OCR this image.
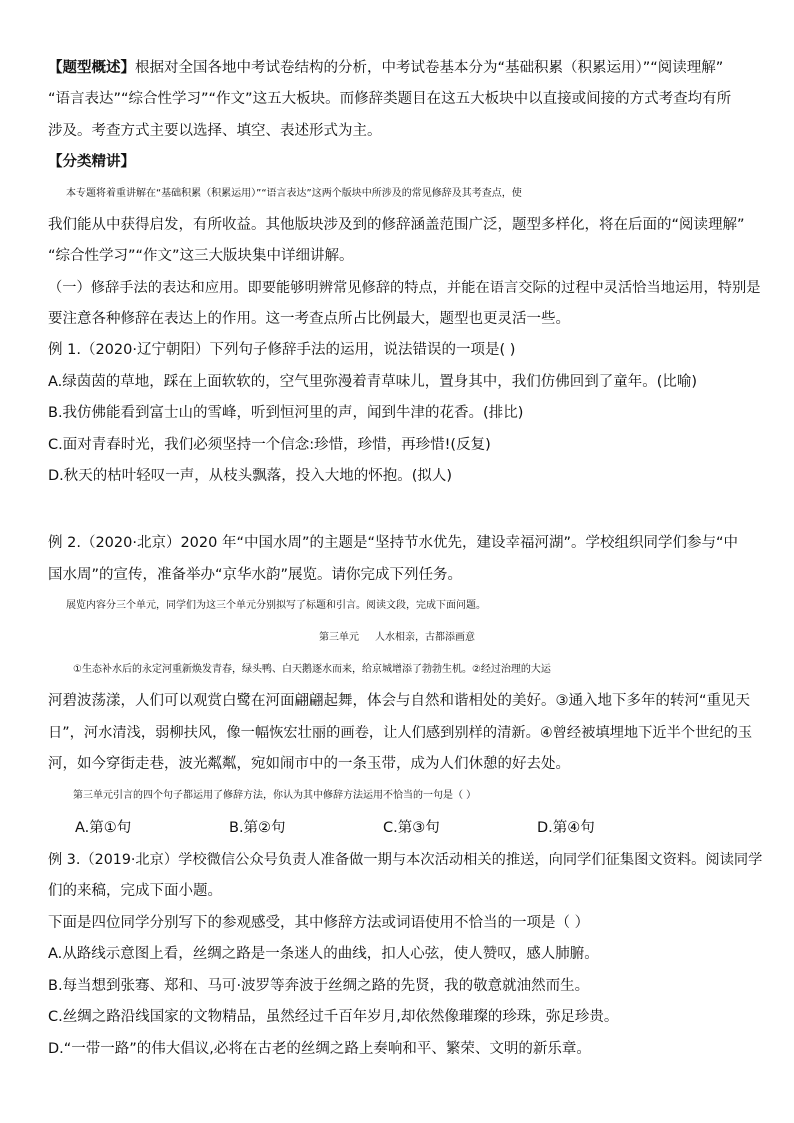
【题型概述】根据对全国各地中考试卷结构的分析，中考试卷基本分为“基础积累（积累运用）”“阅读理解”
“语言表达”“综合性学习”“作文”这五大板块。而修辞类题目在这五大板块中以直接或间接的方式考查均有所
涉及。考查方式主要以选择、填空、表述形式为主。
【分类精讲】
本专题将着重讲解在“基础积累（积累运用）”“语言表达”这两个版块中所涉及的常见修辞及其考查点，使
我们能从中获得启发，有所收益。其他版块涉及到的修辞涵盖范围广泛，题型多样化，将在后面的“阅读理解”
“综合性学习”“作文”这三大版块集中详细讲解。
（一）修辞手法的表达和应用。即要能够明辨常见修辞的特点，并能在语言交际的过程中灵活恰当地运用，特别是
要注意各种修辞在表达上的作用。这一考查点所占比例最大，题型也更灵活一些。
例 1.（2020·辽宁朝阳）下列句子修辞手法的运用，说法错误的一项是( )
A.绿茵茵的草地，踩在上面软软的，空气里弥漫着青草味儿，置身其中，我们仿佛回到了童年。(比喻)
B.我仿佛能看到富士山的雪峰，听到恒河里的声，闻到牛津的花香。(排比)
C.面对青春时光，我们必须坚持一个信念:珍惜，珍惜，再珍惜!(反复)
D.秋天的枯叶轻叹一声，从枝头飘落，投入大地的怀抱。(拟人)
例 2.（2020·北京）2020 年“中国水周”的主题是“坚持节水优先，建设幸福河湖”。学校组织同学们参与“中
国水周”的宣传，准备举办“京华水韵”展览。请你完成下列任务。
展览内容分三个单元，同学们为这三个单元分别拟写了标题和引言。阅读文段，完成下面问题。
第三单元     人水相亲，古都添画意
①生态补水后的永定河重新焕发青春，绿头鸭、白天鹅逐水而来，给京城增添了勃勃生机。②经过治理的大运
河碧波荡漾，人们可以观赏白鹭在河面翩翩起舞，体会与自然和谐相处的美好。③通入地下多年的转河“重见天
日”，河水清浅，弱柳扶风，像一幅恢宏壮丽的画卷，让人们感到别样的清新。④曾经被填埋地下近半个世纪的玉
河，如今穿街走巷，波光粼粼，宛如闹市中的一条玉带，成为人们休憩的好去处。
第三单元引言的四个句子都运用了修辞方法，你认为其中修辞方法运用不恰当的一句是（ ）
A.第①句	B.第②句	C.第③句	D.第④句
例 3.（2019·北京）学校微信公众号负责人准备做一期与本次活动相关的推送，向同学们征集图文资料。阅读同学
们的来稿，完成下面小题。
下面是四位同学分别写下的参观感受，其中修辞方法或词语使用不恰当的一项是（ ）
A.从路线示意图上看，丝绸之路是一条迷人的曲线，扣人心弦，使人赞叹，感人肺腑。
B.每当想到张骞、郑和、马可·波罗等奔波于丝绸之路的先贤，我的敬意就油然而生。
C.丝绸之路沿线国家的文物精品，虽然经过千百年岁月,却依然像璀璨的珍珠，弥足珍贵。
D.“一带一路”的伟大倡议,必将在古老的丝绸之路上奏响和平、繁荣、文明的新乐章。
